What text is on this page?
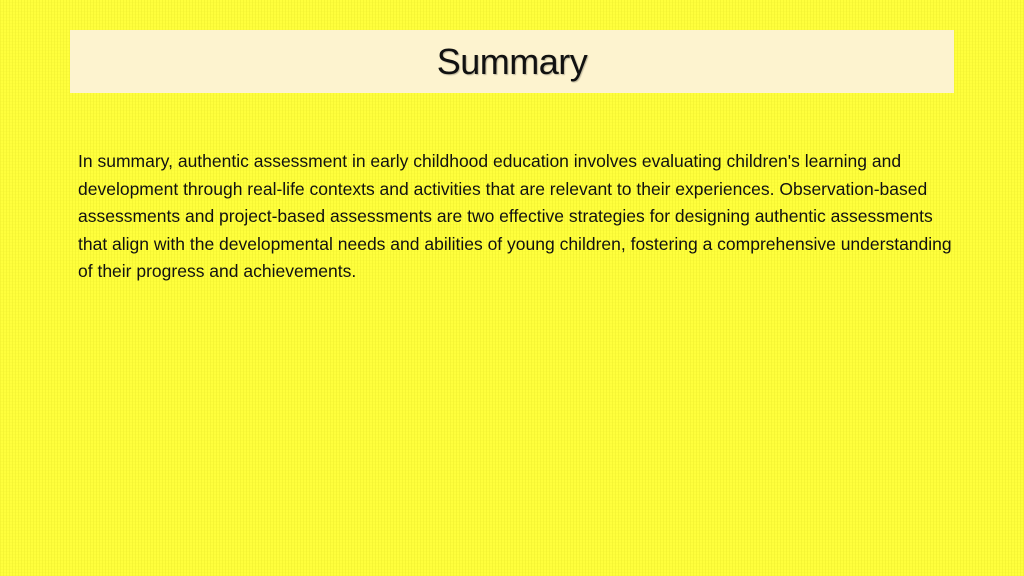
Summary

In summary, authentic assessment in early childhood education involves evaluating children's learning and development through real-life contexts and activities that are relevant to their experiences. Observation-based assessments and project-based assessments are two effective strategies for designing authentic assessments that align with the developmental needs and abilities of young children, fostering a comprehensive understanding of their progress and achievements.
